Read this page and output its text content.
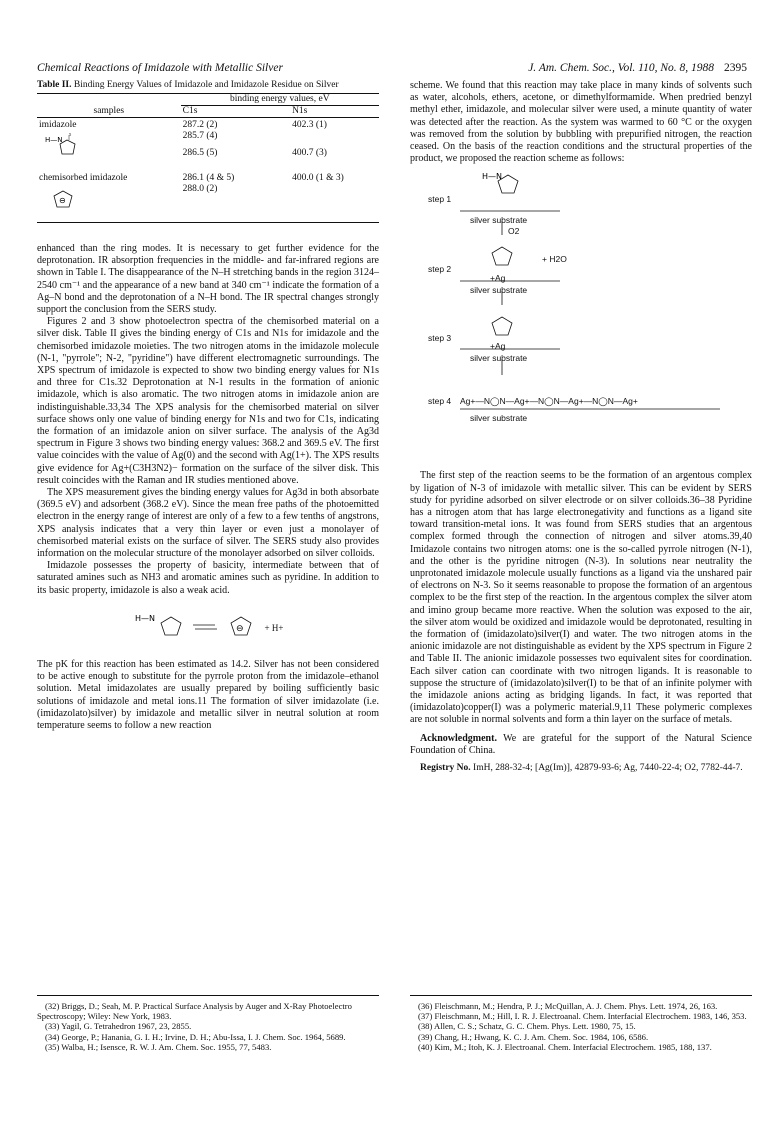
Chemical Reactions of Imidazole with Metallic Silver	J. Am. Chem. Soc., Vol. 110, No. 8, 1988 2395
Table II. Binding Energy Values of Imidazole and Imidazole Residue on Silver
	binding energy values, eV	
samples	C1s	N1s
imidazole	287.2 (2)	402.3 (1)

H—N
5	285.7 (4)	
	286.5 (5)	400.7 (3)
chemisorbed imidazole	286.1 (4 & 5)	400.0 (1 & 3)

⊖	288.0 (2)	

enhanced than the ring modes. It is necessary to get further evidence for the deprotonation. IR absorption frequencies in the middle- and far-infrared regions are shown in Table I. The disappearance of the N–H stretching bands in the region 3124–2540 cm⁻¹ and the appearance of a new band at 340 cm⁻¹ indicate the formation of a Ag–N bond and the deprotonation of a N–H bond. The IR spectral changes strongly support the conclusion from the SERS study.

Figures 2 and 3 show photoelectron spectra of the chemisorbed material on a silver disk. Table II gives the binding energy of C1s and N1s for imidazole and the chemisorbed imidazole moieties. The two nitrogen atoms in the imidazole molecule (N-1, "pyrrole"; N-2, "pyridine") have different electromagnetic surroundings. The XPS spectrum of imidazole is expected to show two binding energy values for N1s and three for C1s.32 Deprotonation at N-1 results in the formation of anionic imidazole, which is also aromatic. The two nitrogen atoms in imidazole anion are indistinguishable.33,34 The XPS analysis for the chemisorbed material on silver surface shows only one value of binding energy for N1s and two for C1s, indicating the formation of an imidazole anion on silver surface. The analysis of the Ag3d spectrum in Figure 3 shows two binding energy values: 368.2 and 369.5 eV. The first value coincides with the value of Ag(0) and the second with Ag(1+). The XPS results give evidence for Ag+(C3H3N2)− formation on the surface of the silver disk. This result coincides with the Raman and IR studies mentioned above.

The XPS measurement gives the binding energy values for Ag3d in both absorbate (369.5 eV) and adsorbent (368.2 eV). Since the mean free paths of the photoemitted electron in the energy range of interest are only of a few to a few tenths of angstrons, XPS analysis indicates that a very thin layer or even just a monolayer of chemisorbed material exists on the surface of silver. The SERS study also provides information on the molecular structure of the monolayer adsorbed on silver colloids.

Imidazole possesses the property of basicity, intermediate between that of saturated amines such as NH3 and aromatic amines such as pyridine. In addition to its basic property, imidazole is also a weak acid.

H—N
⊖ + H+

The pK for this reaction has been estimated as 14.2. Silver has not been considered to be active enough to substitute for the pyrrole proton from the imidazole–ethanol solution. Metal imidazolates are usually prepared by boiling sufficiently basic solutions of imidazole and metal ions.11 The formation of silver imidazolate (i.e. (imidazolato)silver) by imidazole and metallic silver in neutral solution at room temperature seems to follow a new reaction

(32) Briggs, D.; Seah, M. P. Practical Surface Analysis by Auger and X-Ray Photoelectro Spectroscopy; Wiley: New York, 1983.
(33) Yagil, G. Tetrahedron 1967, 23, 2855.
(34) George, P.; Hanania, G. I. H.; Irvine, D. H.; Abu-Issa, I. J. Chem. Soc. 1964, 5689.
(35) Walba, H.; Isensce, R. W. J. Am. Chem. Soc. 1955, 77, 5483.

scheme. We found that this reaction may take place in many kinds of solvents such as water, alcohols, ethers, acetone, or dimethylformamide. When predried benzyl methyl ether, imidazole, and molecular silver were used, a minute quantity of water was detected after the reaction. As the system was warmed to 60 °C or the oxygen was removed from the solution by bubbling with prepurified nitrogen, the reaction ceased. On the basis of the reaction conditions and the structural properties of the product, we proposed the reaction scheme as follows:

H—N
step 1
silver substrate
O2
step 2
+ H2O
+Ag
silver substrate
step 3
+Ag
silver substrate
step 4 Ag+—N◯N—Ag+—N◯N—Ag+—N◯N—Ag+
silver substrate

The first step of the reaction seems to be the formation of an argentous complex by ligation of N-3 of imidazole with metallic silver. This can be evident by SERS study for pyridine adsorbed on silver electrode or on silver colloids.36–38 Pyridine has a nitrogen atom that has large electronegativity and functions as a ligand site toward transition-metal ions. It was found from SERS studies that an argentous complex formed through the connection of nitrogen and silver atoms.39,40 Imidazole contains two nitrogen atoms: one is the so-called pyrrole nitrogen (N-1), and the other is the pyridine nitrogen (N-3). In solutions near neutrality the unprotonated imidazole molecule usually functions as a ligand via the unshared pair of electrons on N-3. So it seems reasonable to propose the formation of an argentous complex to be the first step of the reaction. In the argentous complex the silver atom and imino group became more reactive. When the solution was exposed to the air, the silver atom would be oxidized and imidazole would be deprotonated, resulting in the formation of (imidazolato)silver(I) and water. The two nitrogen atoms in the anionic imidazole are not distinguishable as evident by the XPS spectrum in Figure 2 and Table II. The anionic imidazole possesses two equivalent sites for coordination. Each silver cation can coordinate with two nitrogen ligands. It is reasonable to suppose the structure of (imidazolato)silver(I) to be that of an infinite polymer with the imidazole anions acting as bridging ligands. In fact, it was reported that (imidazolato)copper(I) was a polymeric material.9,11 These polymeric complexes are not soluble in normal solvents and form a thin layer on the surface of metals.

Acknowledgment. We are grateful for the support of the Natural Science Foundation of China.

Registry No. ImH, 288-32-4; [Ag(Im)], 42879-93-6; Ag, 7440-22-4; O2, 7782-44-7.

(36) Fleischmann, M.; Hendra, P. J.; McQuillan, A. J. Chem. Phys. Lett. 1974, 26, 163.
(37) Fleischmann, M.; Hill, I. R. J. Electroanal. Chem. Interfacial Electrochem. 1983, 146, 353.
(38) Allen, C. S.; Schatz, G. C. Chem. Phys. Lett. 1980, 75, 15.
(39) Chang, H.; Hwang, K. C. J. Am. Chem. Soc. 1984, 106, 6586.
(40) Kim, M.; Itoh, K. J. Electroanal. Chem. Interfacial Electrochem. 1985, 188, 137.
